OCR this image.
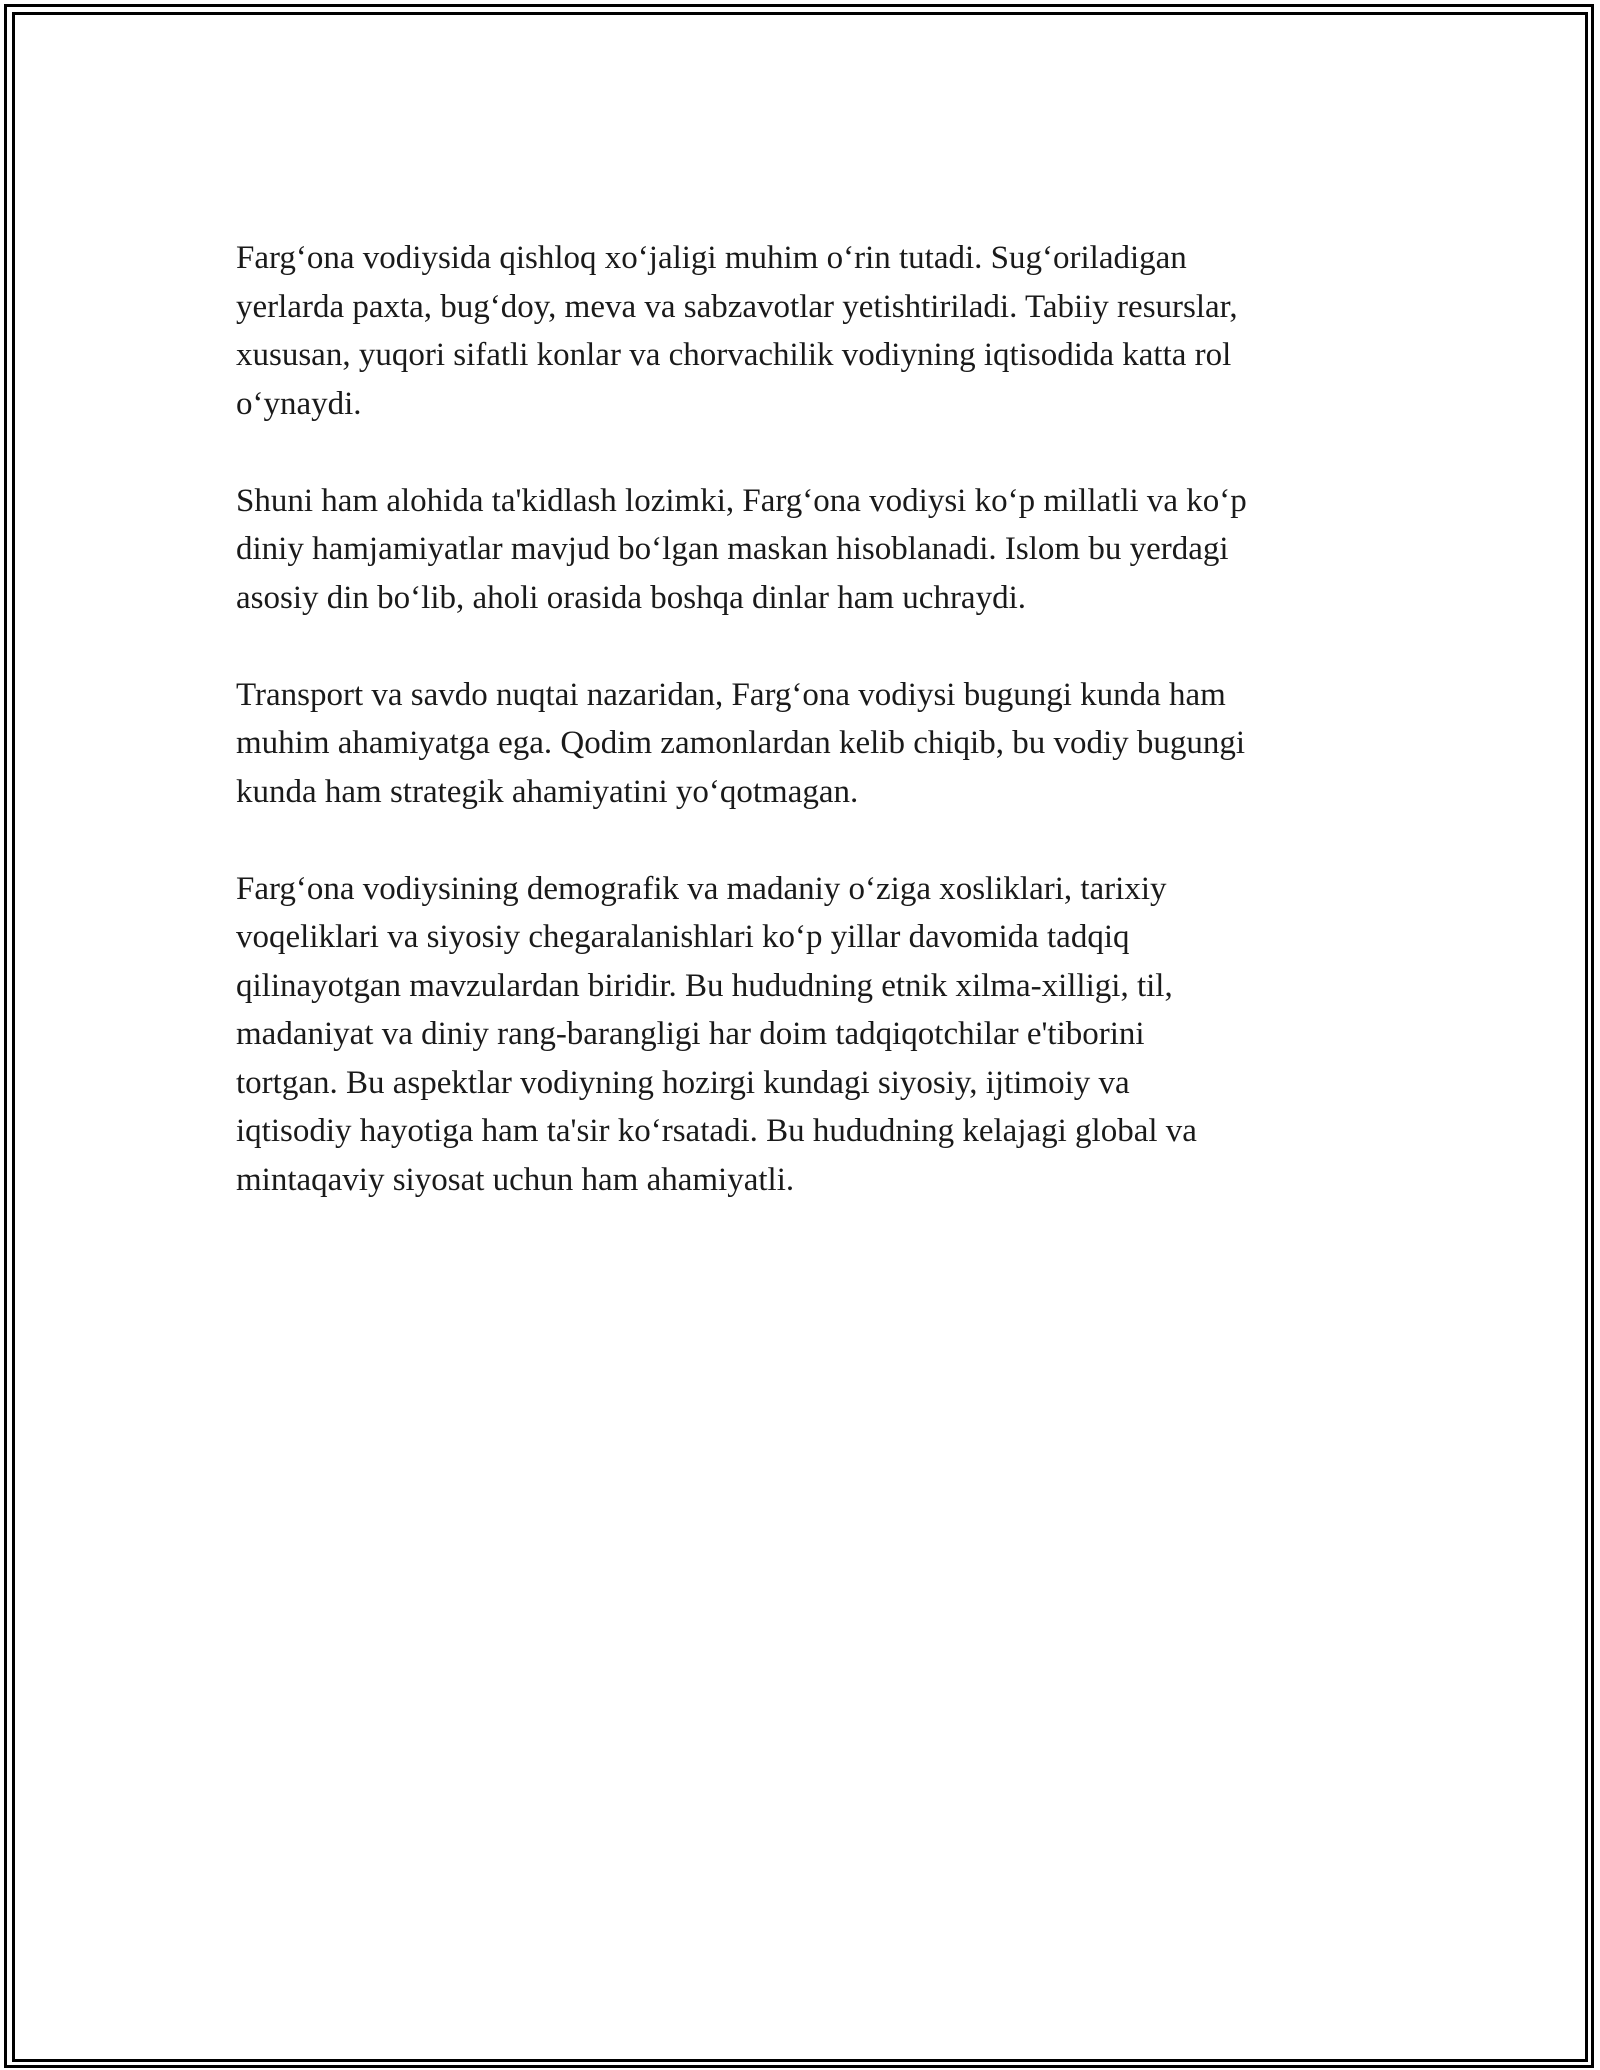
Farg‘ona vodiysida qishloq xo‘jaligi muhim o‘rin tutadi. Sug‘oriladigan
yerlarda paxta, bug‘doy, meva va sabzavotlar yetishtiriladi. Tabiiy resurslar,
xususan, yuqori sifatli konlar va chorvachilik vodiyning iqtisodida katta rol
o‘ynaydi.

Shuni ham alohida ta'kidlash lozimki, Farg‘ona vodiysi ko‘p millatli va ko‘p
diniy hamjamiyatlar mavjud bo‘lgan maskan hisoblanadi. Islom bu yerdagi
asosiy din bo‘lib, aholi orasida boshqa dinlar ham uchraydi.

Transport va savdo nuqtai nazaridan, Farg‘ona vodiysi bugungi kunda ham
muhim ahamiyatga ega. Qodim zamonlardan kelib chiqib, bu vodiy bugungi
kunda ham strategik ahamiyatini yo‘qotmagan.

Farg‘ona vodiysining demografik va madaniy o‘ziga xosliklari, tarixiy
voqeliklari va siyosiy chegaralanishlari ko‘p yillar davomida tadqiq
qilinayotgan mavzulardan biridir. Bu hududning etnik xilma-xilligi, til,
madaniyat va diniy rang-barangligi har doim tadqiqotchilar e'tiborini
tortgan. Bu aspektlar vodiyning hozirgi kundagi siyosiy, ijtimoiy va
iqtisodiy hayotiga ham ta'sir ko‘rsatadi. Bu hududning kelajagi global va
mintaqaviy siyosat uchun ham ahamiyatli.
